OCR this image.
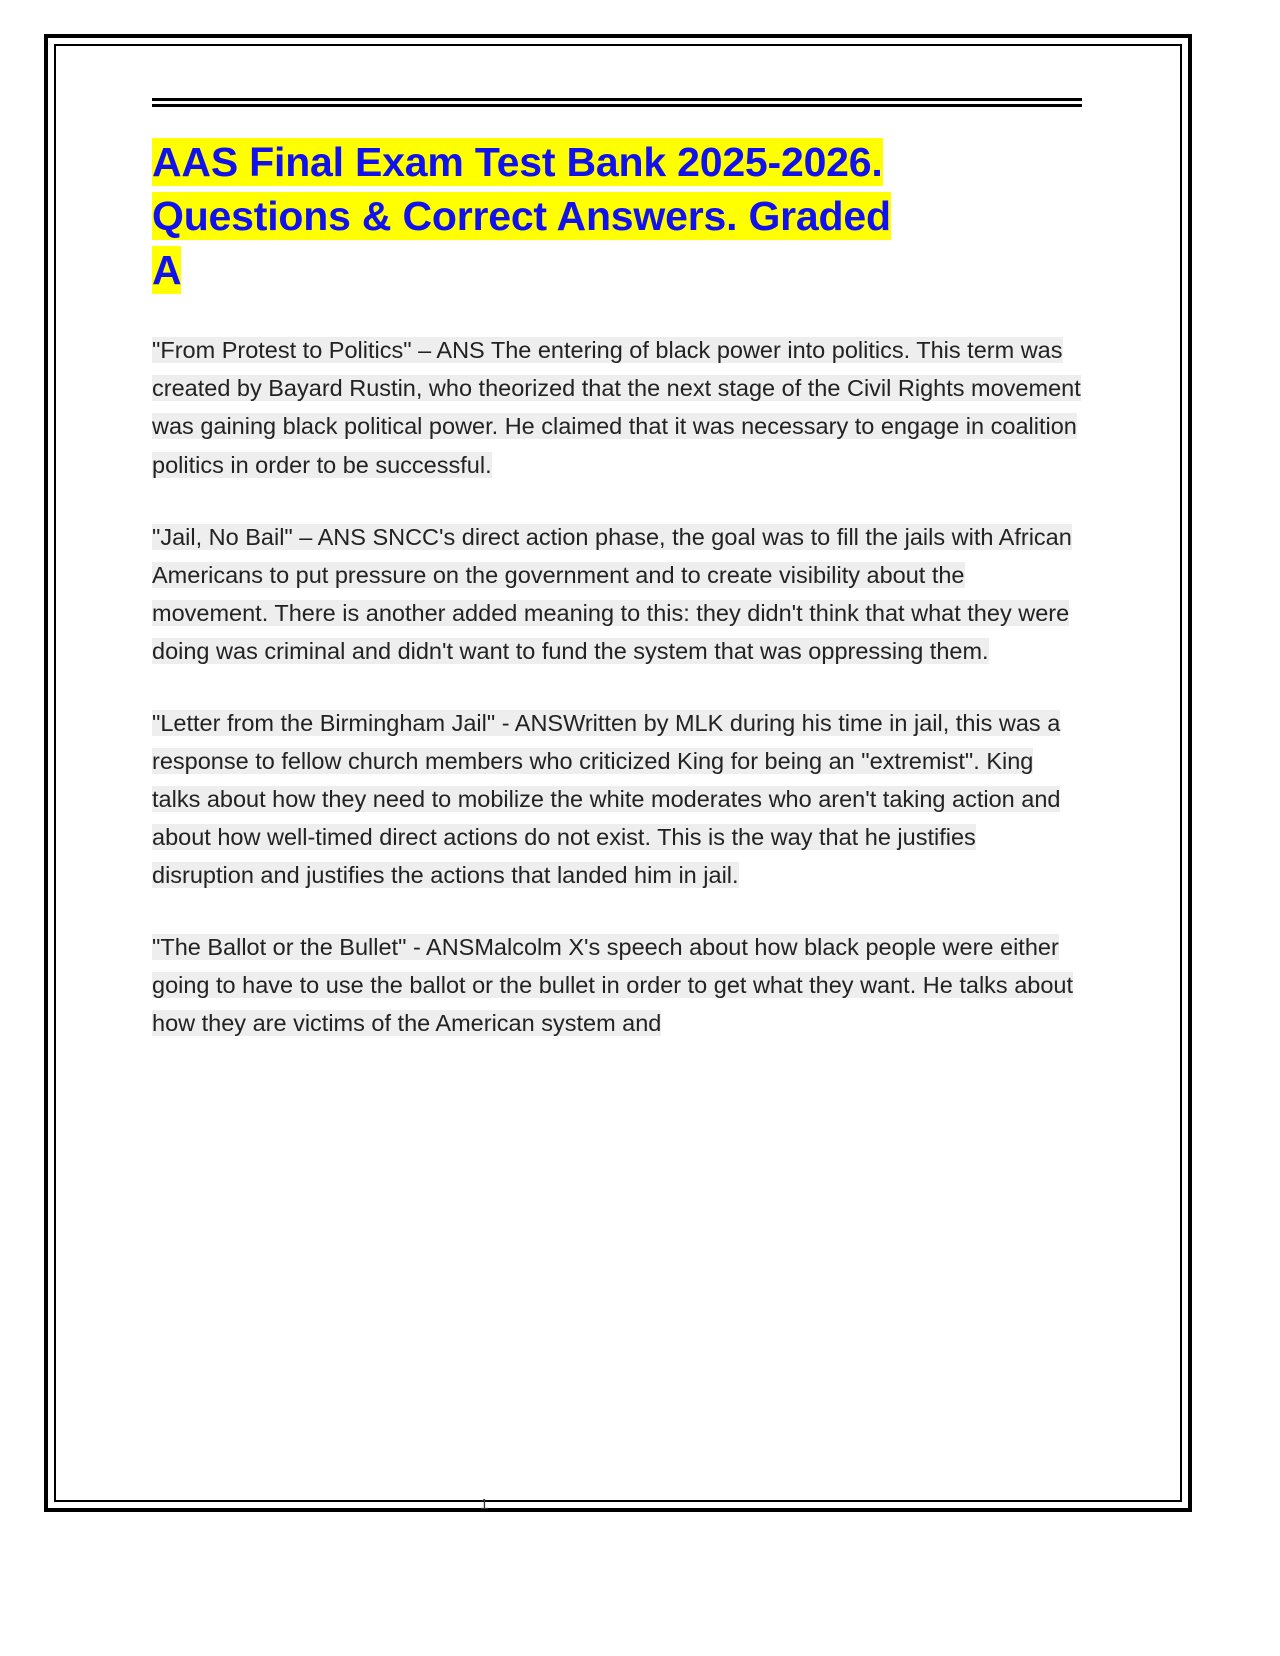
AAS Final Exam Test Bank 2025-2026.
Questions & Correct Answers. Graded
A

"From Protest to Politics" – ANS The entering of black power into politics. This term was created by Bayard Rustin, who theorized that the next stage of the Civil Rights movement was gaining black political power. He claimed that it was necessary to engage in coalition politics in order to be successful.

"Jail, No Bail" – ANS SNCC's direct action phase, the goal was to fill the jails with African Americans to put pressure on the government and to create visibility about the movement. There is another added meaning to this: they didn't think that what they were doing was criminal and didn't want to fund the system that was oppressing them.

"Letter from the Birmingham Jail" - ANSWritten by MLK during his time in jail, this was a response to fellow church members who criticized King for being an "extremist". King talks about how they need to mobilize the white moderates who aren't taking action and about how well-timed direct actions do not exist. This is the way that he justifies disruption and justifies the actions that landed him in jail.

"The Ballot or the Bullet" - ANSMalcolm X's speech about how black people were either going to have to use the ballot or the bullet in order to get what they want. He talks about how they are victims of the American system and

1
